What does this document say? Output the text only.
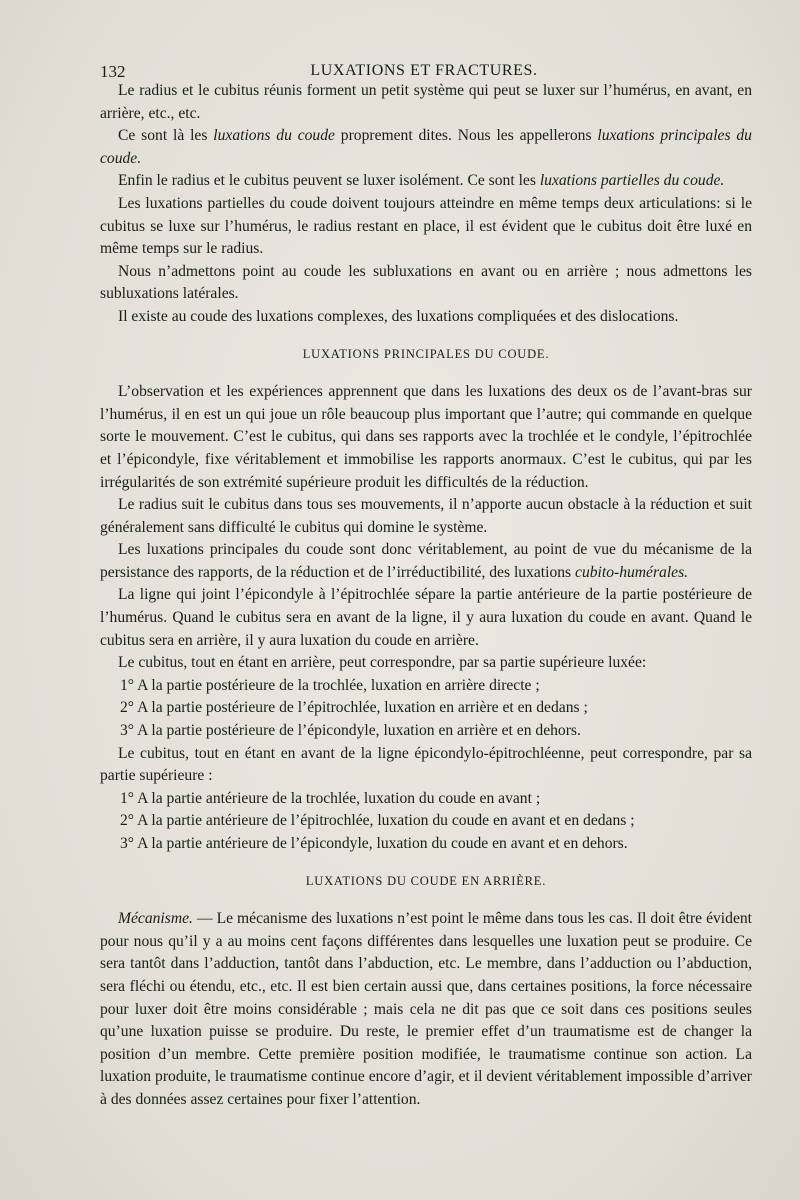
132	LUXATIONS ET FRACTURES.

Le radius et le cubitus réunis forment un petit système qui peut se luxer sur l’humérus, en avant, en arrière, etc., etc.

Ce sont là les luxations du coude proprement dites. Nous les appellerons luxations principales du coude.

Enfin le radius et le cubitus peuvent se luxer isolément. Ce sont les luxations partielles du coude.

Les luxations partielles du coude doivent toujours atteindre en même temps deux articulations: si le cubitus se luxe sur l’humérus, le radius restant en place, il est évident que le cubitus doit être luxé en même temps sur le radius.

Nous n’admettons point au coude les subluxations en avant ou en arrière ; nous admettons les subluxations latérales.

Il existe au coude des luxations complexes, des luxations compliquées et des dislocations.

LUXATIONS PRINCIPALES DU COUDE.

L’observation et les expériences apprennent que dans les luxations des deux os de l’avant-bras sur l’humérus, il en est un qui joue un rôle beaucoup plus important que l’autre; qui commande en quelque sorte le mouvement. C’est le cubitus, qui dans ses rapports avec la trochlée et le condyle, l’épitrochlée et l’épicondyle, fixe véritablement et immobilise les rapports anormaux. C’est le cubitus, qui par les irrégularités de son extrémité supérieure produit les difficultés de la réduction.

Le radius suit le cubitus dans tous ses mouvements, il n’apporte aucun obstacle à la réduction et suit généralement sans difficulté le cubitus qui domine le système.

Les luxations principales du coude sont donc véritablement, au point de vue du mécanisme de la persistance des rapports, de la réduction et de l’irréductibilité, des luxations cubito-humérales.

La ligne qui joint l’épicondyle à l’épitrochlée sépare la partie antérieure de la partie postérieure de l’humérus. Quand le cubitus sera en avant de la ligne, il y aura luxation du coude en avant. Quand le cubitus sera en arrière, il y aura luxation du coude en arrière.

Le cubitus, tout en étant en arrière, peut correspondre, par sa partie supérieure luxée:

1° A la partie postérieure de la trochlée, luxation en arrière directe ;

2° A la partie postérieure de l’épitrochlée, luxation en arrière et en dedans ;

3° A la partie postérieure de l’épicondyle, luxation en arrière et en dehors.

Le cubitus, tout en étant en avant de la ligne épicondylo-épitrochléenne, peut correspondre, par sa partie supérieure :

1° A la partie antérieure de la trochlée, luxation du coude en avant ;

2° A la partie antérieure de l’épitrochlée, luxation du coude en avant et en dedans ;

3° A la partie antérieure de l’épicondyle, luxation du coude en avant et en dehors.

LUXATIONS DU COUDE EN ARRIÈRE.

Mécanisme. — Le mécanisme des luxations n’est point le même dans tous les cas. Il doit être évident pour nous qu’il y a au moins cent façons différentes dans lesquelles une luxation peut se produire. Ce sera tantôt dans l’adduction, tantôt dans l’abduction, etc. Le membre, dans l’adduction ou l’abduction, sera fléchi ou étendu, etc., etc. Il est bien certain aussi que, dans certaines positions, la force nécessaire pour luxer doit être moins considérable ; mais cela ne dit pas que ce soit dans ces positions seules qu’une luxation puisse se produire. Du reste, le premier effet d’un traumatisme est de changer la position d’un membre. Cette première position modifiée, le traumatisme continue son action. La luxation produite, le traumatisme continue encore d’agir, et il devient véritablement impossible d’arriver à des données assez certaines pour fixer l’attention.
